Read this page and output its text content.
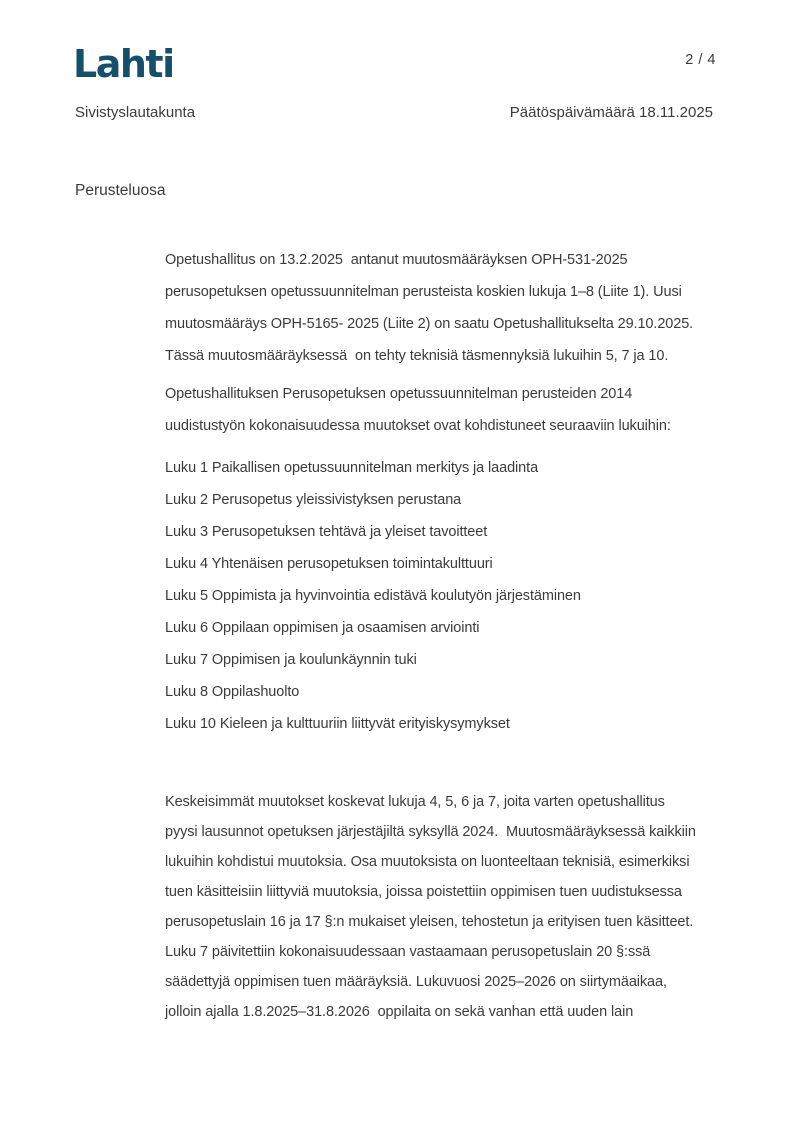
Lahti	2 / 4
Sivistyslautakunta	Päätöspäivämäärä 18.11.2025
Perusteluosa
Opetushallitus on 13.2.2025  antanut muutosmääräyksen OPH-531-2025
perusopetuksen opetussuunnitelman perusteista koskien lukuja 1–8 (Liite 1). Uusi
muutosmääräys OPH-5165- 2025 (Liite 2) on saatu Opetushallitukselta 29.10.2025.
Tässä muutosmääräyksessä  on tehty teknisiä täsmennyksiä lukuihin 5, 7 ja 10.
Opetushallituksen Perusopetuksen opetussuunnitelman perusteiden 2014
uudistustyön kokonaisuudessa muutokset ovat kohdistuneet seuraaviin lukuihin:
Luku 1 Paikallisen opetussuunnitelman merkitys ja laadinta
Luku 2 Perusopetus yleissivistyksen perustana
Luku 3 Perusopetuksen tehtävä ja yleiset tavoitteet
Luku 4 Yhtenäisen perusopetuksen toimintakulttuuri
Luku 5 Oppimista ja hyvinvointia edistävä koulutyön järjestäminen
Luku 6 Oppilaan oppimisen ja osaamisen arviointi
Luku 7 Oppimisen ja koulunkäynnin tuki
Luku 8 Oppilashuolto
Luku 10 Kieleen ja kulttuuriin liittyvät erityiskysymykset
Keskeisimmät muutokset koskevat lukuja 4, 5, 6 ja 7, joita varten opetushallitus
pyysi lausunnot opetuksen järjestäjiltä syksyllä 2024.  Muutosmääräyksessä kaikkiin
lukuihin kohdistui muutoksia. Osa muutoksista on luonteeltaan teknisiä, esimerkiksi
tuen käsitteisiin liittyviä muutoksia, joissa poistettiin oppimisen tuen uudistuksessa
perusopetuslain 16 ja 17 §:n mukaiset yleisen, tehostetun ja erityisen tuen käsitteet.
Luku 7 päivitettiin kokonaisuudessaan vastaamaan perusopetuslain 20 §:ssä
säädettyjä oppimisen tuen määräyksiä. Lukuvuosi 2025–2026 on siirtymäaikaa,
jolloin ajalla 1.8.2025–31.8.2026  oppilaita on sekä vanhan että uuden lain
